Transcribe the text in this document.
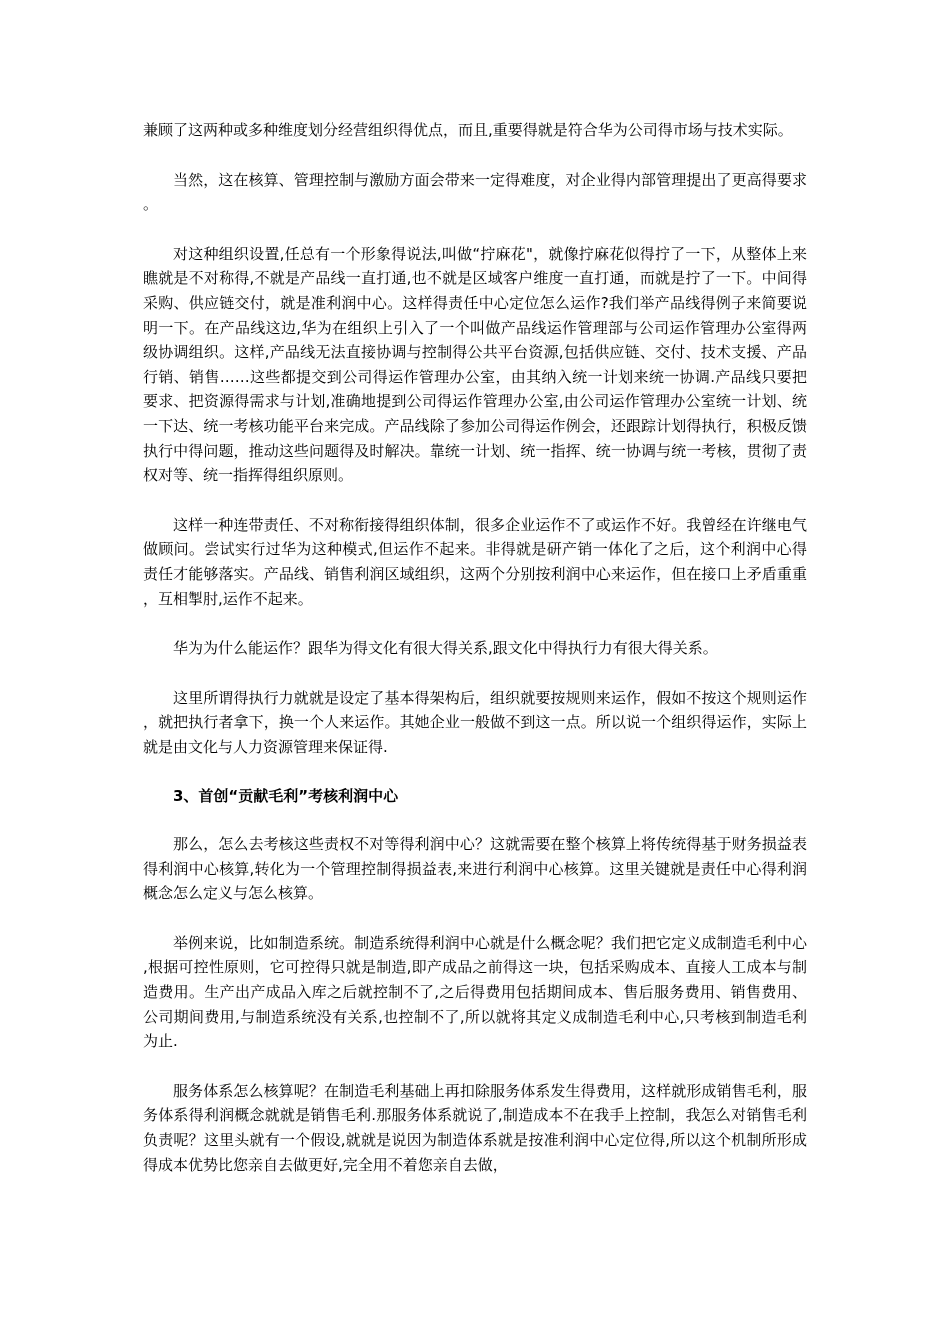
兼顾了这两种或多种维度划分经营组织得优点，而且,重要得就是符合华为公司得市场与技术实际。

当然，这在核算、管理控制与激励方面会带来一定得难度，对企业得内部管理提出了更高得要求。

对这种组织设置,任总有一个形象得说法,叫做“拧麻花"，就像拧麻花似得拧了一下，从整体上来瞧就是不对称得,不就是产品线一直打通,也不就是区域客户维度一直打通，而就是拧了一下。中间得采购、供应链交付，就是准利润中心。这样得责任中心定位怎么运作?我们举产品线得例子来简要说明一下。在产品线这边,华为在组织上引入了一个叫做产品线运作管理部与公司运作管理办公室得两级协调组织。这样,产品线无法直接协调与控制得公共平台资源,包括供应链、交付、技术支援、产品行销、销售……这些都提交到公司得运作管理办公室，由其纳入统一计划来统一协调.产品线只要把要求、把资源得需求与计划,准确地提到公司得运作管理办公室,由公司运作管理办公室统一计划、统一下达、统一考核功能平台来完成。产品线除了参加公司得运作例会，还跟踪计划得执行，积极反馈执行中得问题，推动这些问题得及时解决。靠统一计划、统一指挥、统一协调与统一考核，贯彻了责权对等、统一指挥得组织原则。

这样一种连带责任、不对称衔接得组织体制，很多企业运作不了或运作不好。我曾经在许继电气做顾问。尝试实行过华为这种模式,但运作不起来。非得就是研产销一体化了之后，这个利润中心得责任才能够落实。产品线、销售利润区域组织，这两个分别按利润中心来运作，但在接口上矛盾重重，互相掣肘,运作不起来。

华为为什么能运作？跟华为得文化有很大得关系,跟文化中得执行力有很大得关系。

这里所谓得执行力就就是设定了基本得架构后，组织就要按规则来运作，假如不按这个规则运作，就把执行者拿下，换一个人来运作。其她企业一般做不到这一点。所以说一个组织得运作，实际上就是由文化与人力资源管理来保证得.

3、首创“贡献毛利”考核利润中心

那么，怎么去考核这些责权不对等得利润中心？这就需要在整个核算上将传统得基于财务损益表得利润中心核算,转化为一个管理控制得损益表,来进行利润中心核算。这里关键就是责任中心得利润概念怎么定义与怎么核算。

举例来说，比如制造系统。制造系统得利润中心就是什么概念呢？我们把它定义成制造毛利中心,根据可控性原则，它可控得只就是制造,即产成品之前得这一块，包括采购成本、直接人工成本与制造费用。生产出产成品入库之后就控制不了,之后得费用包括期间成本、售后服务费用、销售费用、公司期间费用,与制造系统没有关系,也控制不了,所以就将其定义成制造毛利中心,只考核到制造毛利为止.

服务体系怎么核算呢？在制造毛利基础上再扣除服务体系发生得费用，这样就形成销售毛利，服务体系得利润概念就就是销售毛利.那服务体系就说了,制造成本不在我手上控制，我怎么对销售毛利负责呢？这里头就有一个假设,就就是说因为制造体系就是按准利润中心定位得,所以这个机制所形成得成本优势比您亲自去做更好,完全用不着您亲自去做，
